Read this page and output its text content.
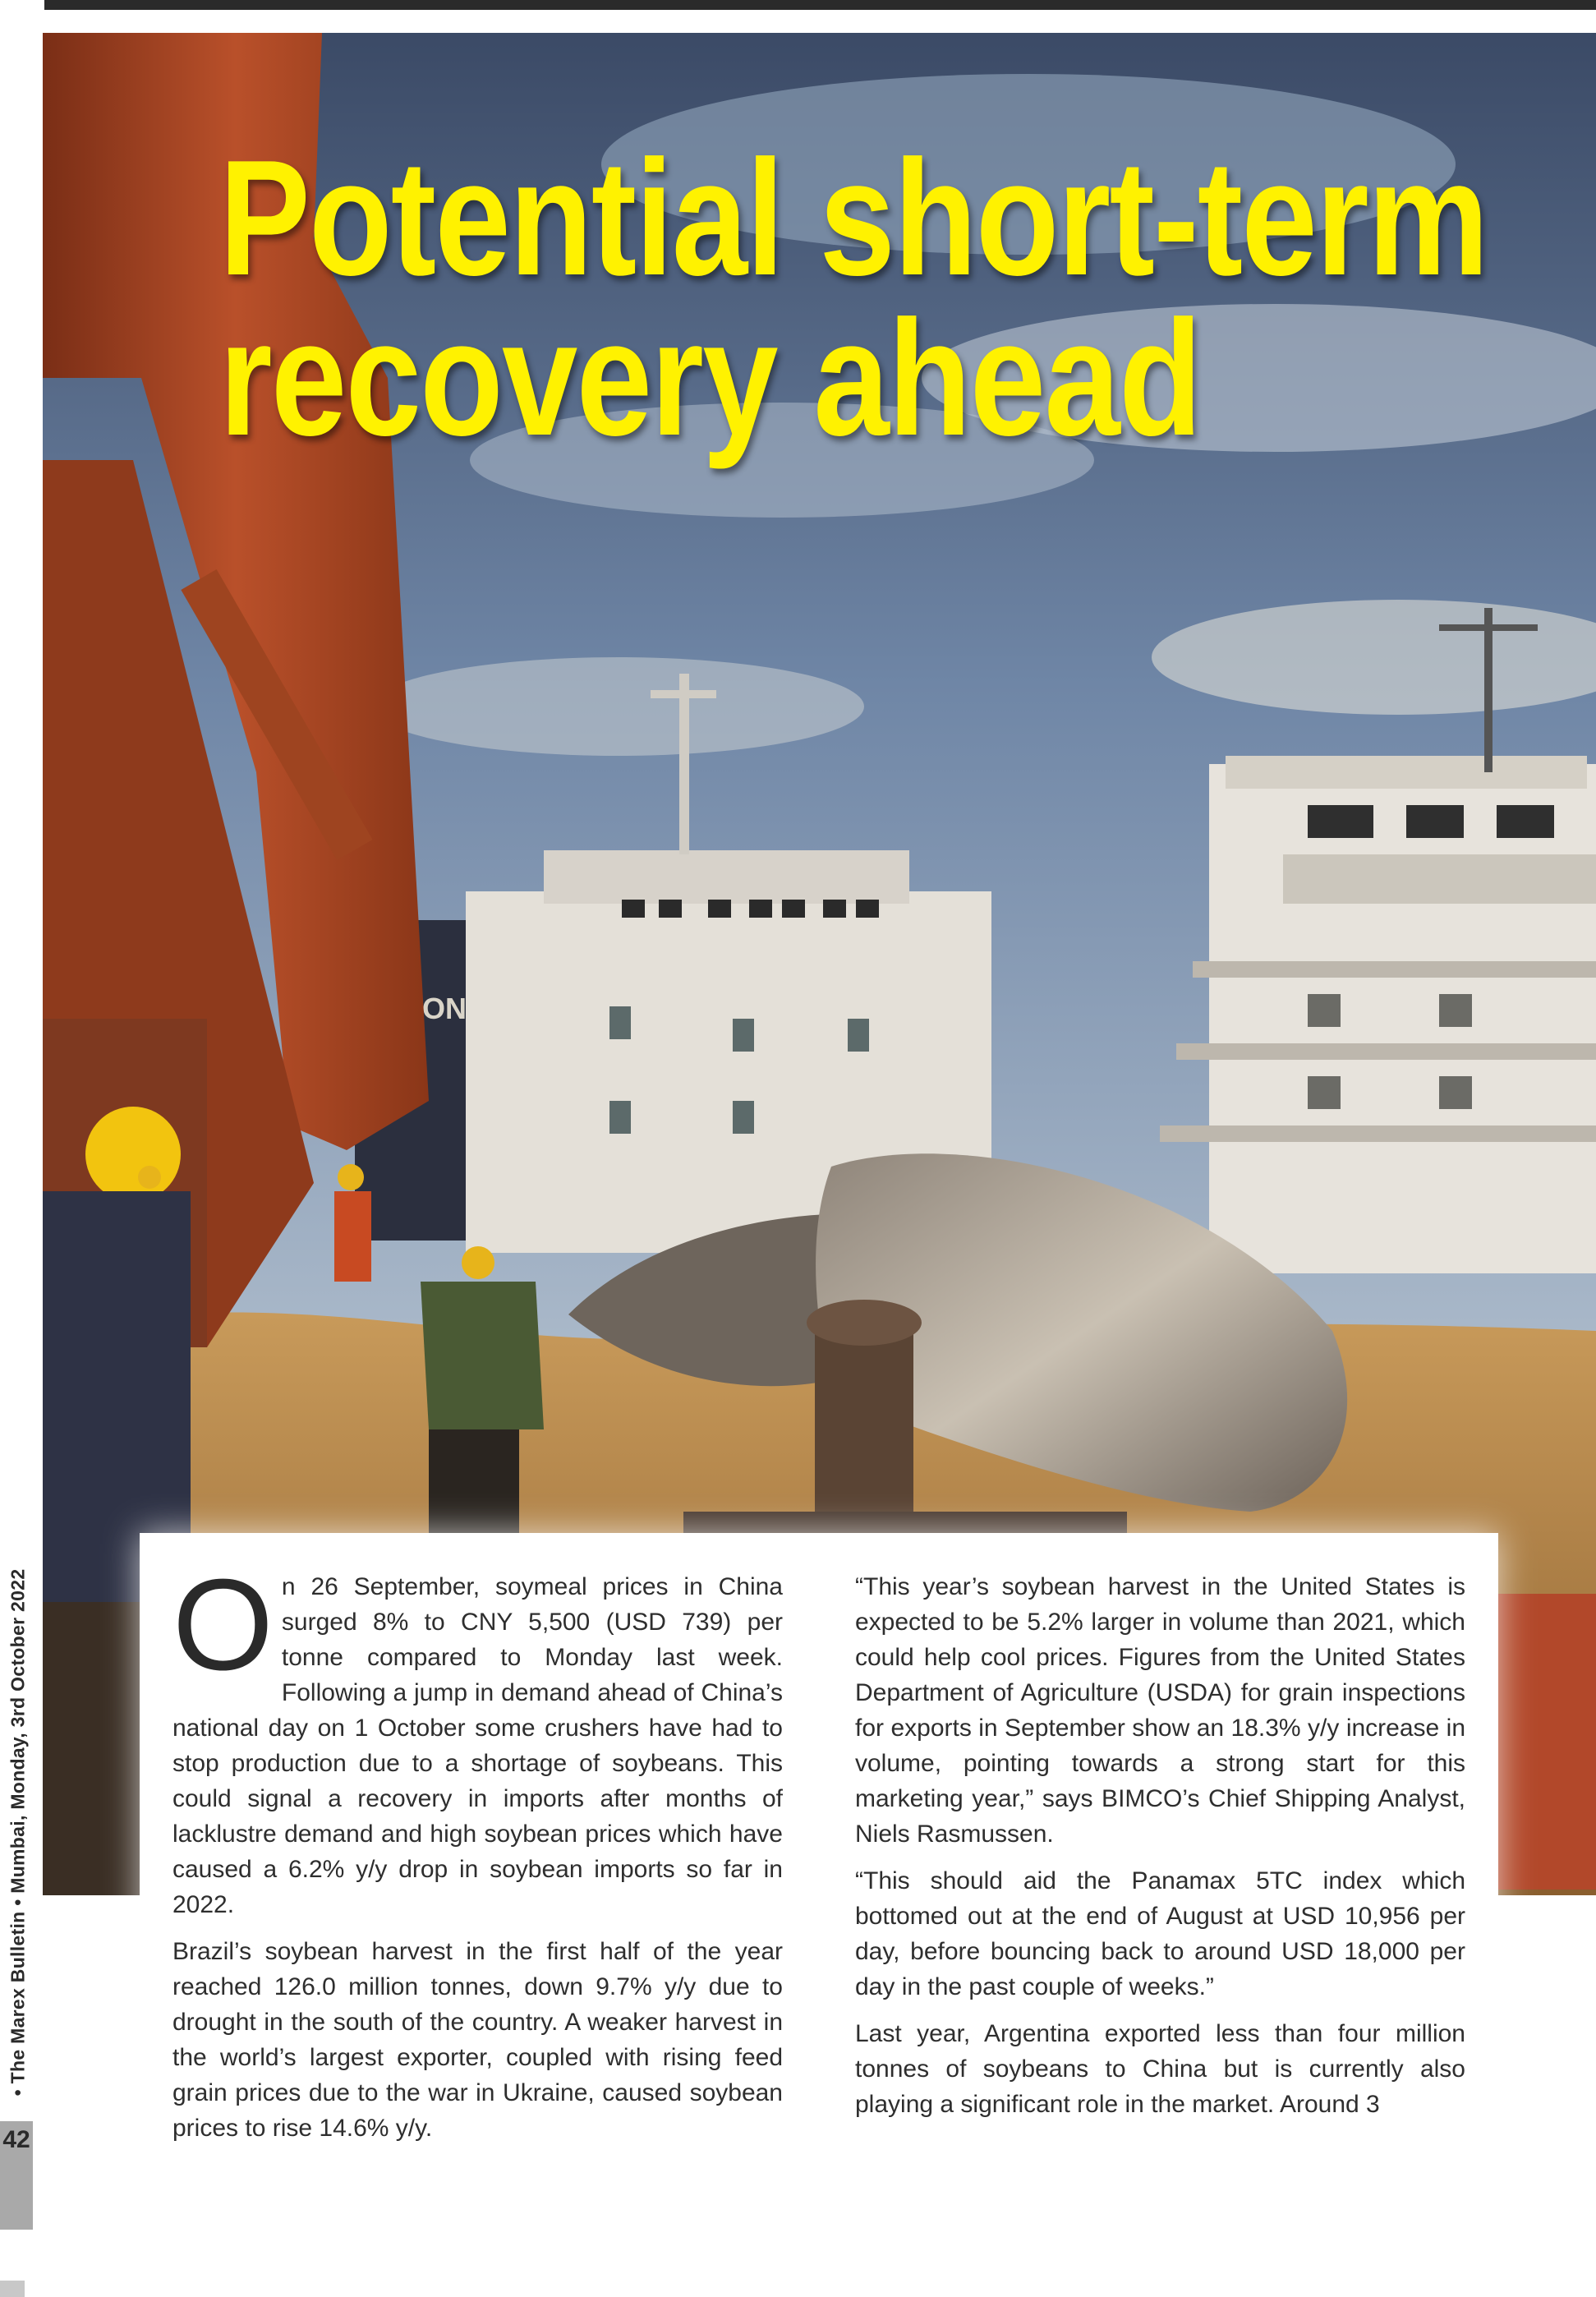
Potential short-term
recovery ahead

On 26 September, soymeal prices in China surged 8% to CNY 5,500 (USD 739) per tonne compared to Monday last week. Following a jump in demand ahead of China’s national day on 1 October some crushers have had to stop production due to a shortage of soybeans. This could signal a recovery in imports after months of lacklustre demand and high soybean prices which have caused a 6.2% y/y drop in soybean imports so far in 2022.

Brazil’s soybean harvest in the first half of the year reached 126.0 million tonnes, down 9.7% y/y due to drought in the south of the country. A weaker harvest in the world’s largest exporter, coupled with rising feed grain prices due to the war in Ukraine, caused soybean prices to rise 14.6% y/y.

“This year’s soybean harvest in the United States is expected to be 5.2% larger in volume than 2021, which could help cool prices. Figures from the United States Department of Agriculture (USDA) for grain inspections for exports in September show an 18.3% y/y increase in volume, pointing towards a strong start for this marketing year,” says BIMCO’s Chief Shipping Analyst, Niels Rasmussen.

“This should aid the Panamax 5TC index which bottomed out at the end of August at USD 10,956 per day, before bouncing back to around USD 18,000 per day in the past couple of weeks.”

Last year, Argentina exported less than four million tonnes of soybeans to China but is currently also playing a significant role in the market. Around 3

• The Marex Bulletin • Mumbai, Monday, 3rd October 2022
42
